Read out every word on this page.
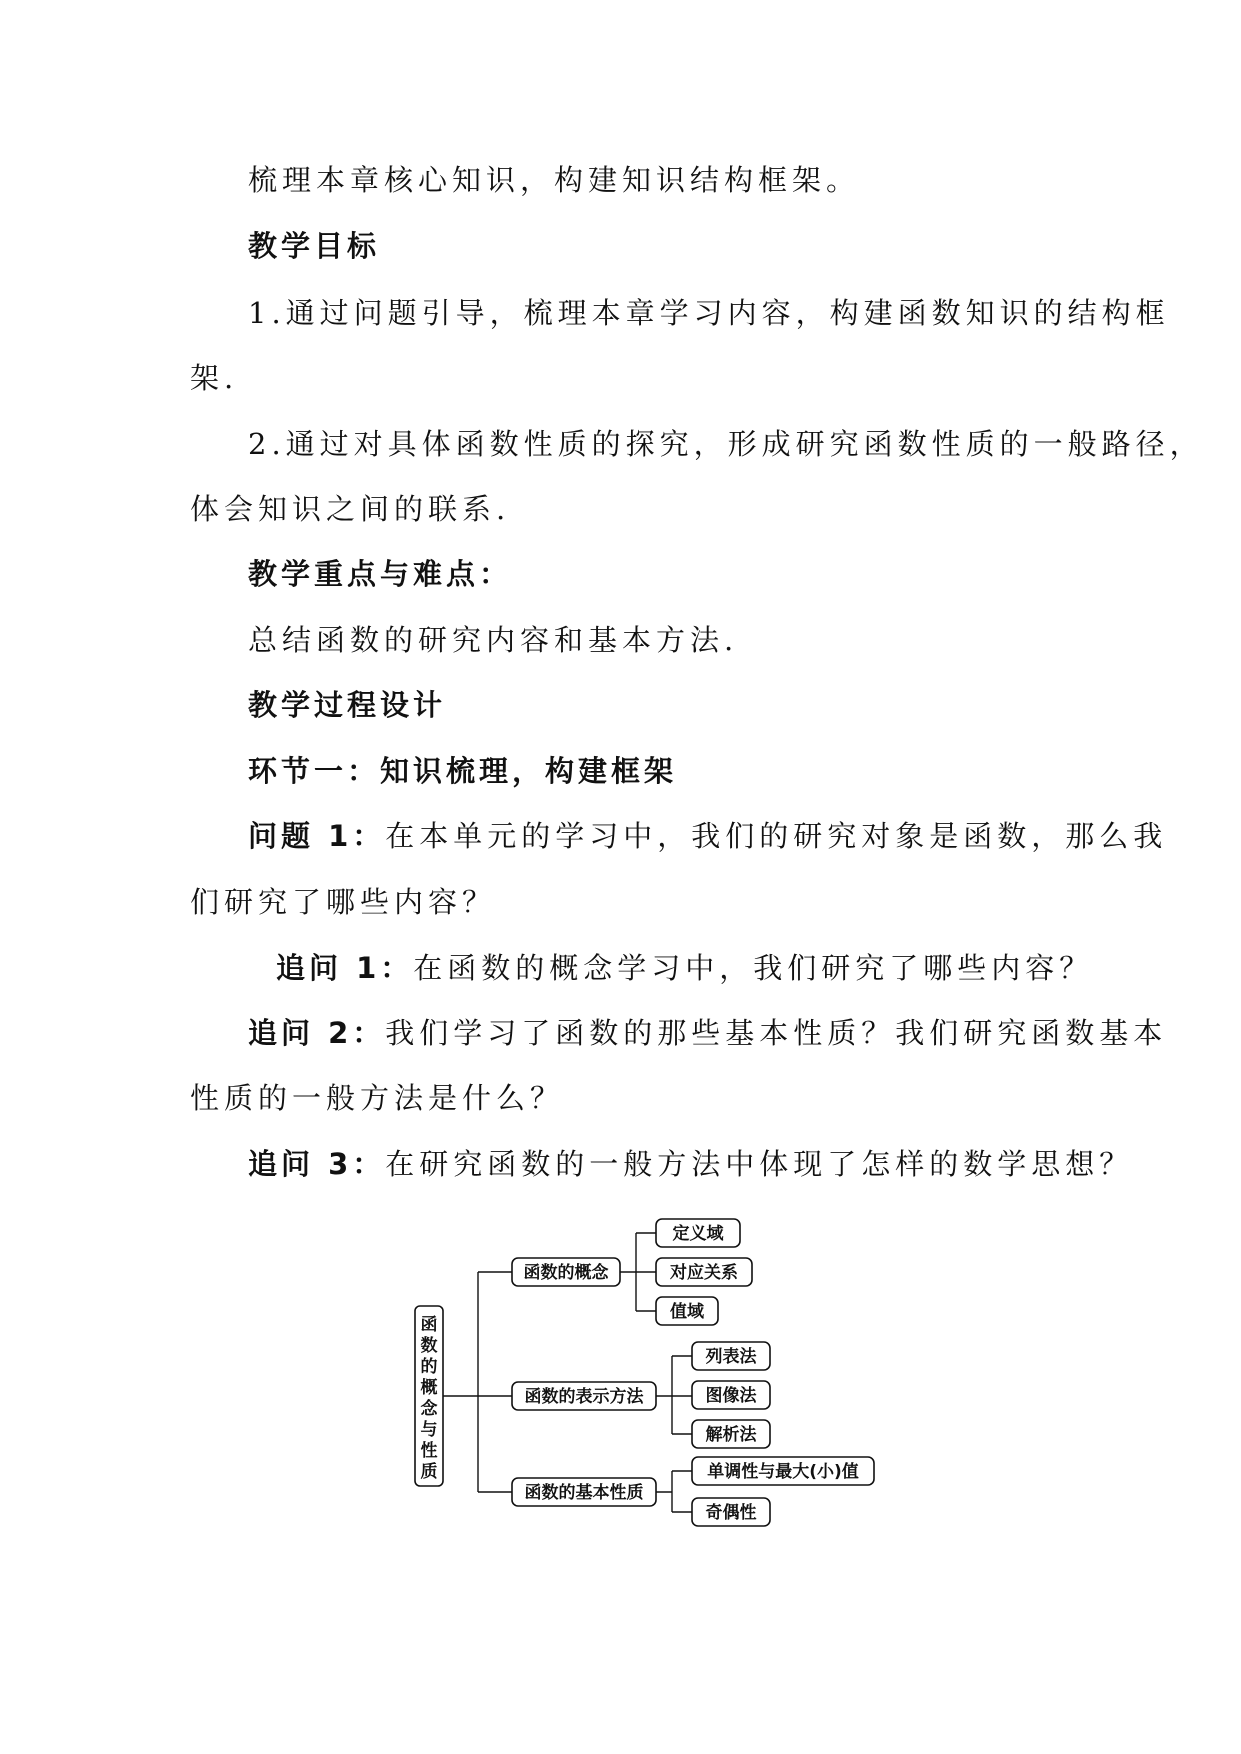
梳理本章核心知识，构建知识结构框架。
教学目标
1.通过问题引导，梳理本章学习内容，构建函数知识的结构框
架.
2.通过对具体函数性质的探究，形成研究函数性质的一般路径，
体会知识之间的联系.
教学重点与难点：
总结函数的研究内容和基本方法.
教学过程设计
环节一：知识梳理，构建框架
问题 1：在本单元的学习中，我们的研究对象是函数，那么我
们研究了哪些内容？
追问 1：在函数的概念学习中，我们研究了哪些内容？
追问 2：我们学习了函数的那些基本性质？我们研究函数基本
性质的一般方法是什么？
追问 3：在研究函数的一般方法中体现了怎样的数学思想？
函数的概念与性质
函数的概念
函数的表示方法
函数的基本性质
定义域
对应关系
值域
列表法
图像法
解析法
单调性与最大(小)值
奇偶性
